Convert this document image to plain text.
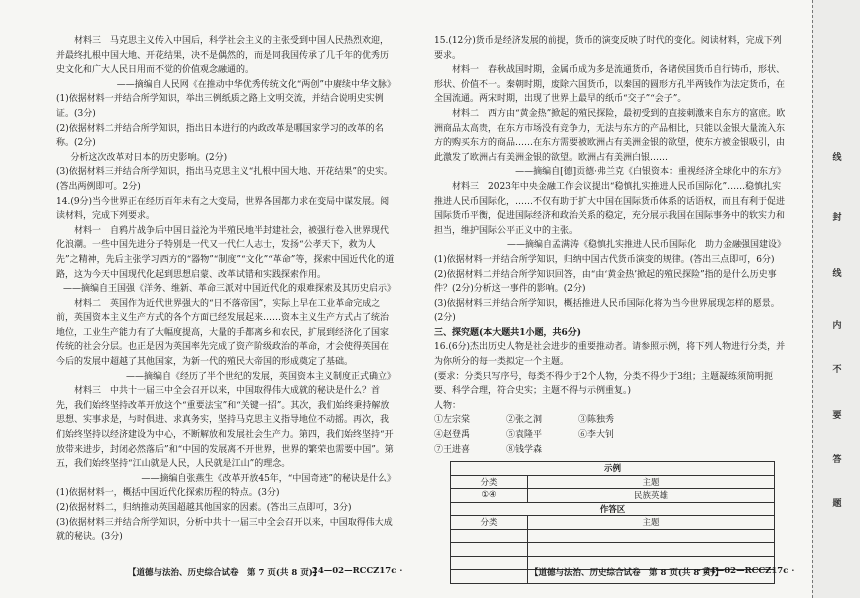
材料三　马克思主义传入中国后，科学社会主义的主张受到中国人民热烈欢迎，并最终扎根中国大地、开花结果，决不是偶然的，而是同我国传承了几千年的优秀历史文化和广大人民日用而不觉的价值观念融通的。

——摘编自人民网《在推动中华优秀传统文化“两创”中赓续中华文脉》

(1)依据材料一并结合所学知识，举出三例纸质之路上文明交流，并结合说明史实例证。(3分)

(2)依据材料二并结合所学知识，指出日本进行的内政改革是哪国家学习的改革的名称。(2分)

分析这次改革对日本的历史影响。(2分)

(3)依据材料三并结合所学知识，指出马克思主义“扎根中国大地、开花结果”的史实。(答出两例即可。2分)

14.(9分)当今世界正在经历百年未有之大变局，世界各国都力求在变局中谋发展。阅读材料，完成下列要求。

材料一　自鸦片战争后中国日益沦为半殖民地半封建社会，被强行卷入世界现代化浪潮。一些中国先进分子特别是一代又一代仁人志士，发扬“公孝天下，救为人先”之精神，先后主张学习西方的“器物”“制度”“文化”“革命”等，探索中国近代化的道路，这为今天中国现代化起到思想启蒙、改革试错和实践探索作用。

——摘编自王国强《洋务、维新、革命三派对中国近代化的艰难探索及其历史启示》

材料二　英国作为近代世界强大的“日不落帝国”，实际上早在工业革命完成之前，英国资本主义生产方式的各个方面已经发展起来……资本主义生产方式占了统治地位，工业生产能力有了大幅度提高，大量的手都离乡和农民，扩展到经济化了国家传统的社会分层。也正是因为英国率先完成了资产阶级政治的革命，才会使得英国在今后的发展中超越了其他国家，为新一代的殖民大帝国的形成奠定了基础。

——摘编自《经历了半个世纪的发展，英国资本主义制度正式确立》

材料三　中共十一届三中全会召开以来，中国取得伟大成就的秘诀是什么？首先，我们始终坚持改革开放这个“重要法宝”和“关键一招”。其次，我们始终秉持解放思想、实事求是，与时俱进、求真务实，坚持马克思主义指导地位不动摇。再次，我们始终坚持以经济建设为中心，不断解放和发展社会生产力。第四，我们始终坚持“开放带来进步，封闭必然落后”和“中国的发展离不开世界，世界的繁荣也需要中国”。第五，我们始终坚持“江山就是人民，人民就是江山”的理念。

——摘编自张燕生《改革开放45年，“中国奇迹”的秘诀是什么》

(1)依据材料一，概括中国近代化探索历程的特点。(3分)

(2)依据材料二，归纳推动英国超越其他国家的因素。(答出三点即可，3分)

(3)依据材料三并结合所学知识，分析中共十一届三中全会召开以来，中国取得伟大成就的秘诀。(3分)

【道德与法治、历史综合试卷　第 7 页(共 8 页)】
· 24—02—RCCZ17c ·

15.(12分)货币是经济发展的前提，货币的演变反映了时代的变化。阅读材料，完成下列要求。

材料一　春秋战国时期，金属币成为多是流通货币，各诸侯国货币自行铸币，形状、形状、价值不一。秦朝时期，废除六国货币，以秦国的圆形方孔半两钱作为法定货币，在全国流通。两宋时期，出现了世界上最早的纸币“交子”“会子”。

材料二　西方由“黄金热”掀起的殖民探险，最初受到的直接刺激来自东方的富庶。欧洲商品太高贵，在东方市场没有竞争力，无法与东方的产品相比，只能以金银大量流入东方的购买东方的商品……在东方需要被欧洲占有美洲金银的欲望，使东方被金银吸引，由此激发了欧洲占有美洲金银的欲望。欧洲占有美洲白银……

——摘编自[德]贡德·弗兰克《白银资本：重视经济全球化中的东方》

材料三　2023年中央金融工作会议提出“稳慎扎实推进人民币国际化”……稳慎扎实推进人民币国际化，……不仅有助于扩大中国在国际货币体系的话语权，而且有利于促进国际货币平衡，促进国际经济和政治关系的稳定，充分展示我国在国际事务中的软实力和担当，维护国际公平正义中的主张。

——摘编自孟满涛《稳慎扎实推进人民币国际化　助力金融强国建设》

(1)依据材料一并结合所学知识，归纳中国古代货币演变的规律。(答出三点即可，6分)

(2)依据材料二并结合所学知识回答，由“由‘黄金热’掀起的殖民探险”指的是什么历史事件？(2分)分析这一事件的影响。(2分)

(3)依据材料三并结合所学知识，概括推进人民币国际化将为当今世界展现怎样的愿景。(2分)

三、探究题(本大题共1小题，共6分)

16.(6分)杰出历史人物是社会进步的重要推动者。请参照示例，将下列人物进行分类，并为你所分的每一类拟定一个主题。

(要求：分类只写序号，每类不得少于2个人物，分类不得少于3组；主题凝练须简明扼要、科学合理，符合史实；主题不得与示例重复。)

人物：

①左宗棠	②张之洞	③陈独秀
④赵登禹	⑤袁隆平	⑥李大钊
⑦王进喜	⑧钱学森
示例	
分类	主题
①④	民族英雄
作答区	
分类	主题

【道德与法治、历史综合试卷　第 8 页(共 8 页)】
· 24—02—RCCZ17c ·
线
封
线
内
不
要
答
题
